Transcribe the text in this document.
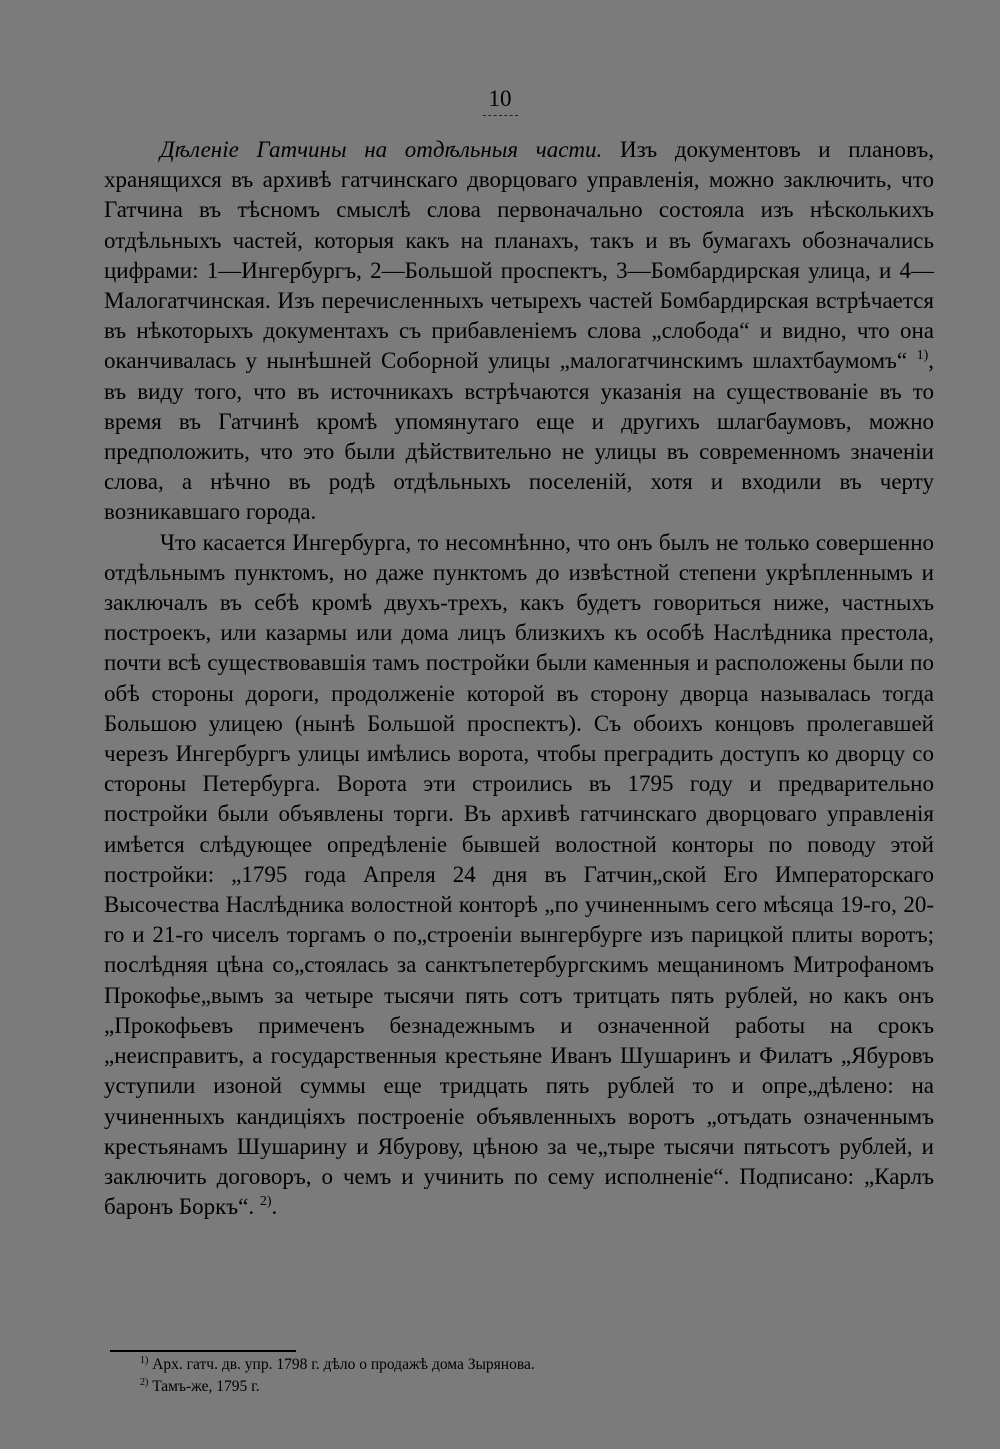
10

Дѣленіе Гатчины на отдѣльныя части. Изъ документовъ и плановъ, хранящихся въ архивѣ гатчинскаго дворцоваго управленія, можно заключить, что Гатчина въ тѣсномъ смыслѣ слова первоначально состояла изъ нѣсколькихъ отдѣльныхъ частей, которыя какъ на планахъ, такъ и въ бумагахъ обозначались цифрами: 1—Ингербургъ, 2—Большой проспектъ, 3—Бомбардирская улица, и 4—Малогатчинская. Изъ перечисленныхъ четырехъ частей Бомбардирская встрѣчается въ нѣкоторыхъ документахъ съ прибавленіемъ слова „слобода“ и видно, что она оканчивалась у нынѣшней Соборной улицы „малогатчинскимъ шлахтбаумомъ“ $^{1)}$, въ виду того, что въ источникахъ встрѣчаются указанія на существованіе въ то время въ Гатчинѣ кромѣ упомянутаго еще и другихъ шлагбаумовъ, можно предположить, что это были дѣйствительно не улицы въ современномъ значеніи слова, а нѣчно въ родѣ отдѣльныхъ поселеній, хотя и входили въ черту возникавшаго города.

Что касается Ингербурга, то несомнѣнно, что онъ былъ не только совершенно отдѣльнымъ пунктомъ, но даже пунктомъ до извѣстной степени укрѣпленнымъ и заключалъ въ себѣ кромѣ двухъ-трехъ, какъ будетъ говориться ниже, частныхъ построекъ, или казармы или дома лицъ близкихъ къ особѣ Наслѣдника престола, почти всѣ существовавшія тамъ постройки были каменныя и расположены были по обѣ стороны дороги, продолженіе которой въ сторону дворца называлась тогда Большою улицею (нынѣ Большой проспектъ). Съ обоихъ концовъ пролегавшей черезъ Ингербургъ улицы имѣлись ворота, чтобы преградить доступъ ко дворцу со стороны Петербурга. Ворота эти строились въ 1795 году и предварительно постройки были объявлены торги. Въ архивѣ гатчинскаго дворцоваго управленія имѣется слѣдующее опредѣленіе бывшей волостной конторы по поводу этой постройки: „1795 года Апреля 24 дня въ Гатчин„ской Его Императорскаго Высочества Наслѣдника волостной конторѣ „по учиненнымъ сего мѣсяца 19-го, 20-го и 21-го чиселъ торгамъ о по„строеніи вынгербурге изъ парицкой плиты воротъ; послѣдняя цѣна со„стоялась за санктъпетербургскимъ мещаниномъ Митрофаномъ Прокофье„вымъ за четыре тысячи пять сотъ тритцать пять рублей, но какъ онъ „Прокофьевъ примеченъ безнадежнымъ и означенной работы на срокъ „неисправитъ, а государственныя крестьяне Иванъ Шушаринъ и Филатъ „Ябуровъ уступили изоной суммы еще тридцать пять рублей то и опре„дѣлено: на учиненныхъ кандиціяхъ построеніе объявленныхъ воротъ „отъдать означеннымъ крестьянамъ Шушарину и Ябурову, цѣною за че„тыре тысячи пятьсотъ рублей, и заключить договоръ, о чемъ и учинить по сему исполненіе“. Подписано: „Карлъ баронъ Боркъ“. $^{2)}$.

$^{1)}$ Арх. гатч. дв. упр. 1798 г. дѣло о продажѣ дома Зырянова.
$^{2)}$ Тамъ-же, 1795 г.
